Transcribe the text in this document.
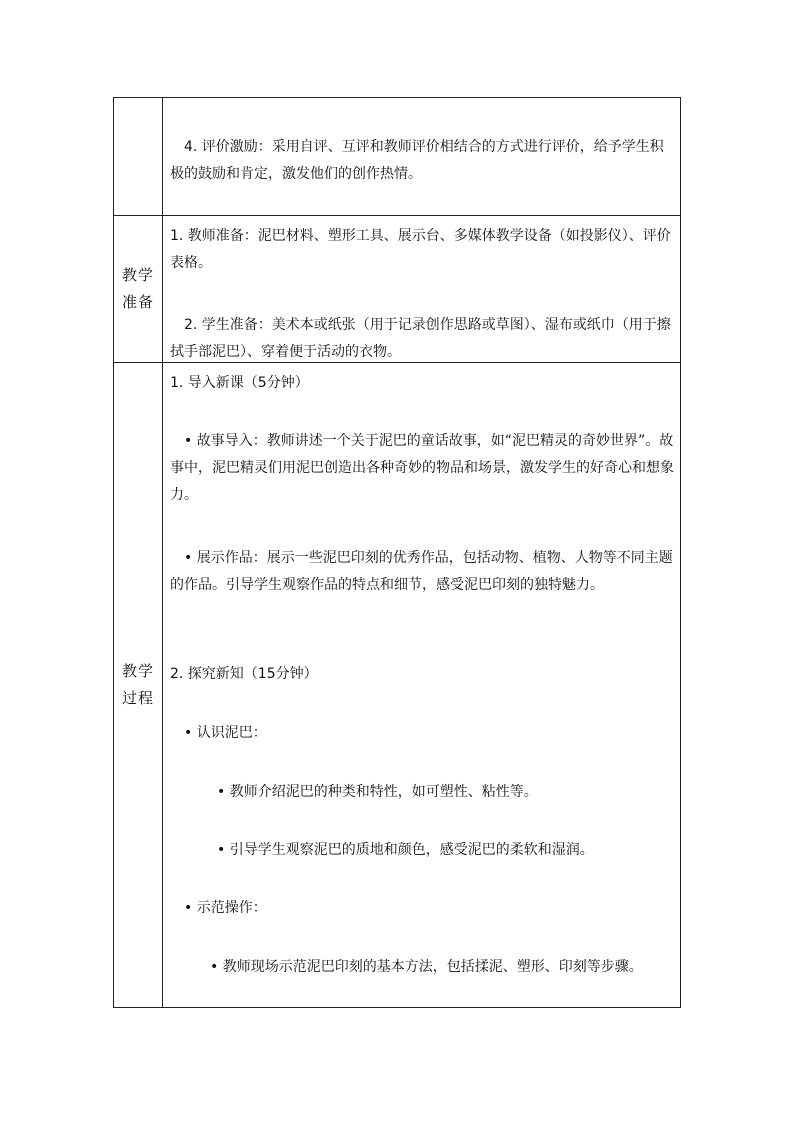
4. 评价激励：采用自评、互评和教师评价相结合的方式进行评价，给予学生积极的鼓励和肯定，激发他们的创作热情。

教学准备

1. 教师准备：泥巴材料、塑形工具、展示台、多媒体教学设备（如投影仪）、评价表格。

2. 学生准备：美术本或纸张（用于记录创作思路或草图）、湿布或纸巾（用于擦拭手部泥巴）、穿着便于活动的衣物。

教学过程

1. 导入新课（5分钟）

• 故事导入：教师讲述一个关于泥巴的童话故事，如“泥巴精灵的奇妙世界”。故事中，泥巴精灵们用泥巴创造出各种奇妙的物品和场景，激发学生的好奇心和想象力。

• 展示作品：展示一些泥巴印刻的优秀作品，包括动物、植物、人物等不同主题的作品。引导学生观察作品的特点和细节，感受泥巴印刻的独特魅力。

2. 探究新知（15分钟）

• 认识泥巴：

• 教师介绍泥巴的种类和特性，如可塑性、粘性等。

• 引导学生观察泥巴的质地和颜色，感受泥巴的柔软和湿润。

• 示范操作：

• 教师现场示范泥巴印刻的基本方法，包括揉泥、塑形、印刻等步骤。
